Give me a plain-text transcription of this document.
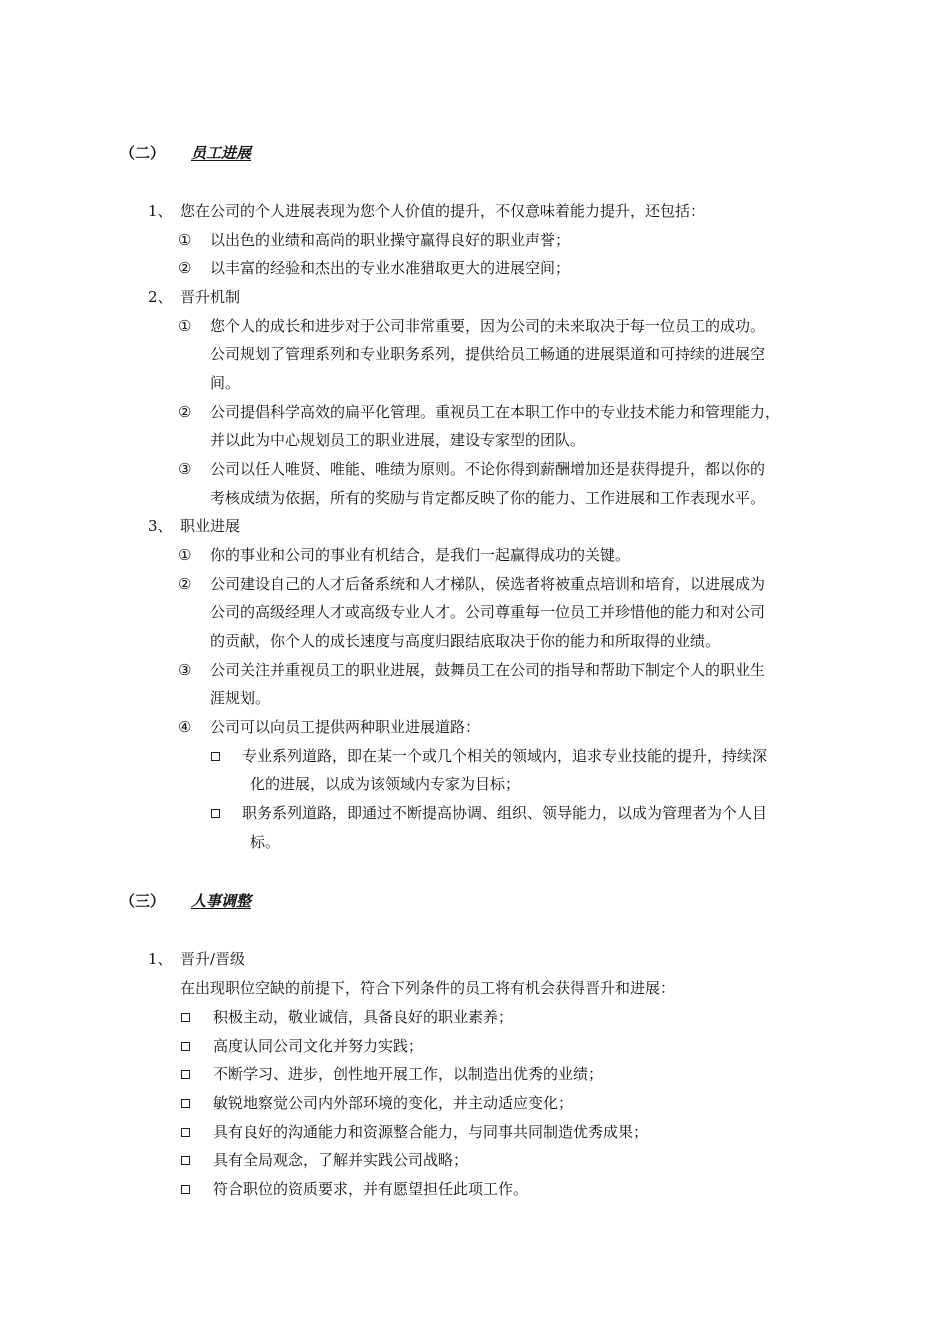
（二） 员工进展
1、 您在公司的个人进展表现为您个人价值的提升，不仅意味着能力提升，还包括：
① 以出色的业绩和高尚的职业操守赢得良好的职业声誉；
② 以丰富的经验和杰出的专业水准猎取更大的进展空间；
2、 晋升机制
① 您个人的成长和进步对于公司非常重要，因为公司的未来取决于每一位员工的成功。
公司规划了管理系列和专业职务系列，提供给员工畅通的进展渠道和可持续的进展空
间。
② 公司提倡科学高效的扁平化管理。重视员工在本职工作中的专业技术能力和管理能力，
并以此为中心规划员工的职业进展，建设专家型的团队。
③ 公司以任人唯贤、唯能、唯绩为原则。不论你得到薪酬增加还是获得提升，都以你的
考核成绩为依据，所有的奖励与肯定都反映了你的能力、工作进展和工作表现水平。
3、 职业进展
① 你的事业和公司的事业有机结合，是我们一起赢得成功的关键。
② 公司建设自己的人才后备系统和人才梯队，侯选者将被重点培训和培育，以进展成为
公司的高级经理人才或高级专业人才。公司尊重每一位员工并珍惜他的能力和对公司
的贡献，你个人的成长速度与高度归跟结底取决于你的能力和所取得的业绩。
③ 公司关注并重视员工的职业进展，鼓舞员工在公司的指导和帮助下制定个人的职业生
涯规划。
④ 公司可以向员工提供两种职业进展道路：
专业系列道路，即在某一个或几个相关的领域内，追求专业技能的提升，持续深
化的进展，以成为该领域内专家为目标；
职务系列道路，即通过不断提高协调、组织、领导能力，以成为管理者为个人目
标。
（三） 人事调整
1、 晋升/晋级
在出现职位空缺的前提下，符合下列条件的员工将有机会获得晋升和进展：
积极主动，敬业诚信，具备良好的职业素养；
高度认同公司文化并努力实践；
不断学习、进步，创性地开展工作，以制造出优秀的业绩；
敏锐地察觉公司内外部环境的变化，并主动适应变化；
具有良好的沟通能力和资源整合能力，与同事共同制造优秀成果；
具有全局观念，了解并实践公司战略；
符合职位的资质要求，并有愿望担任此项工作。
